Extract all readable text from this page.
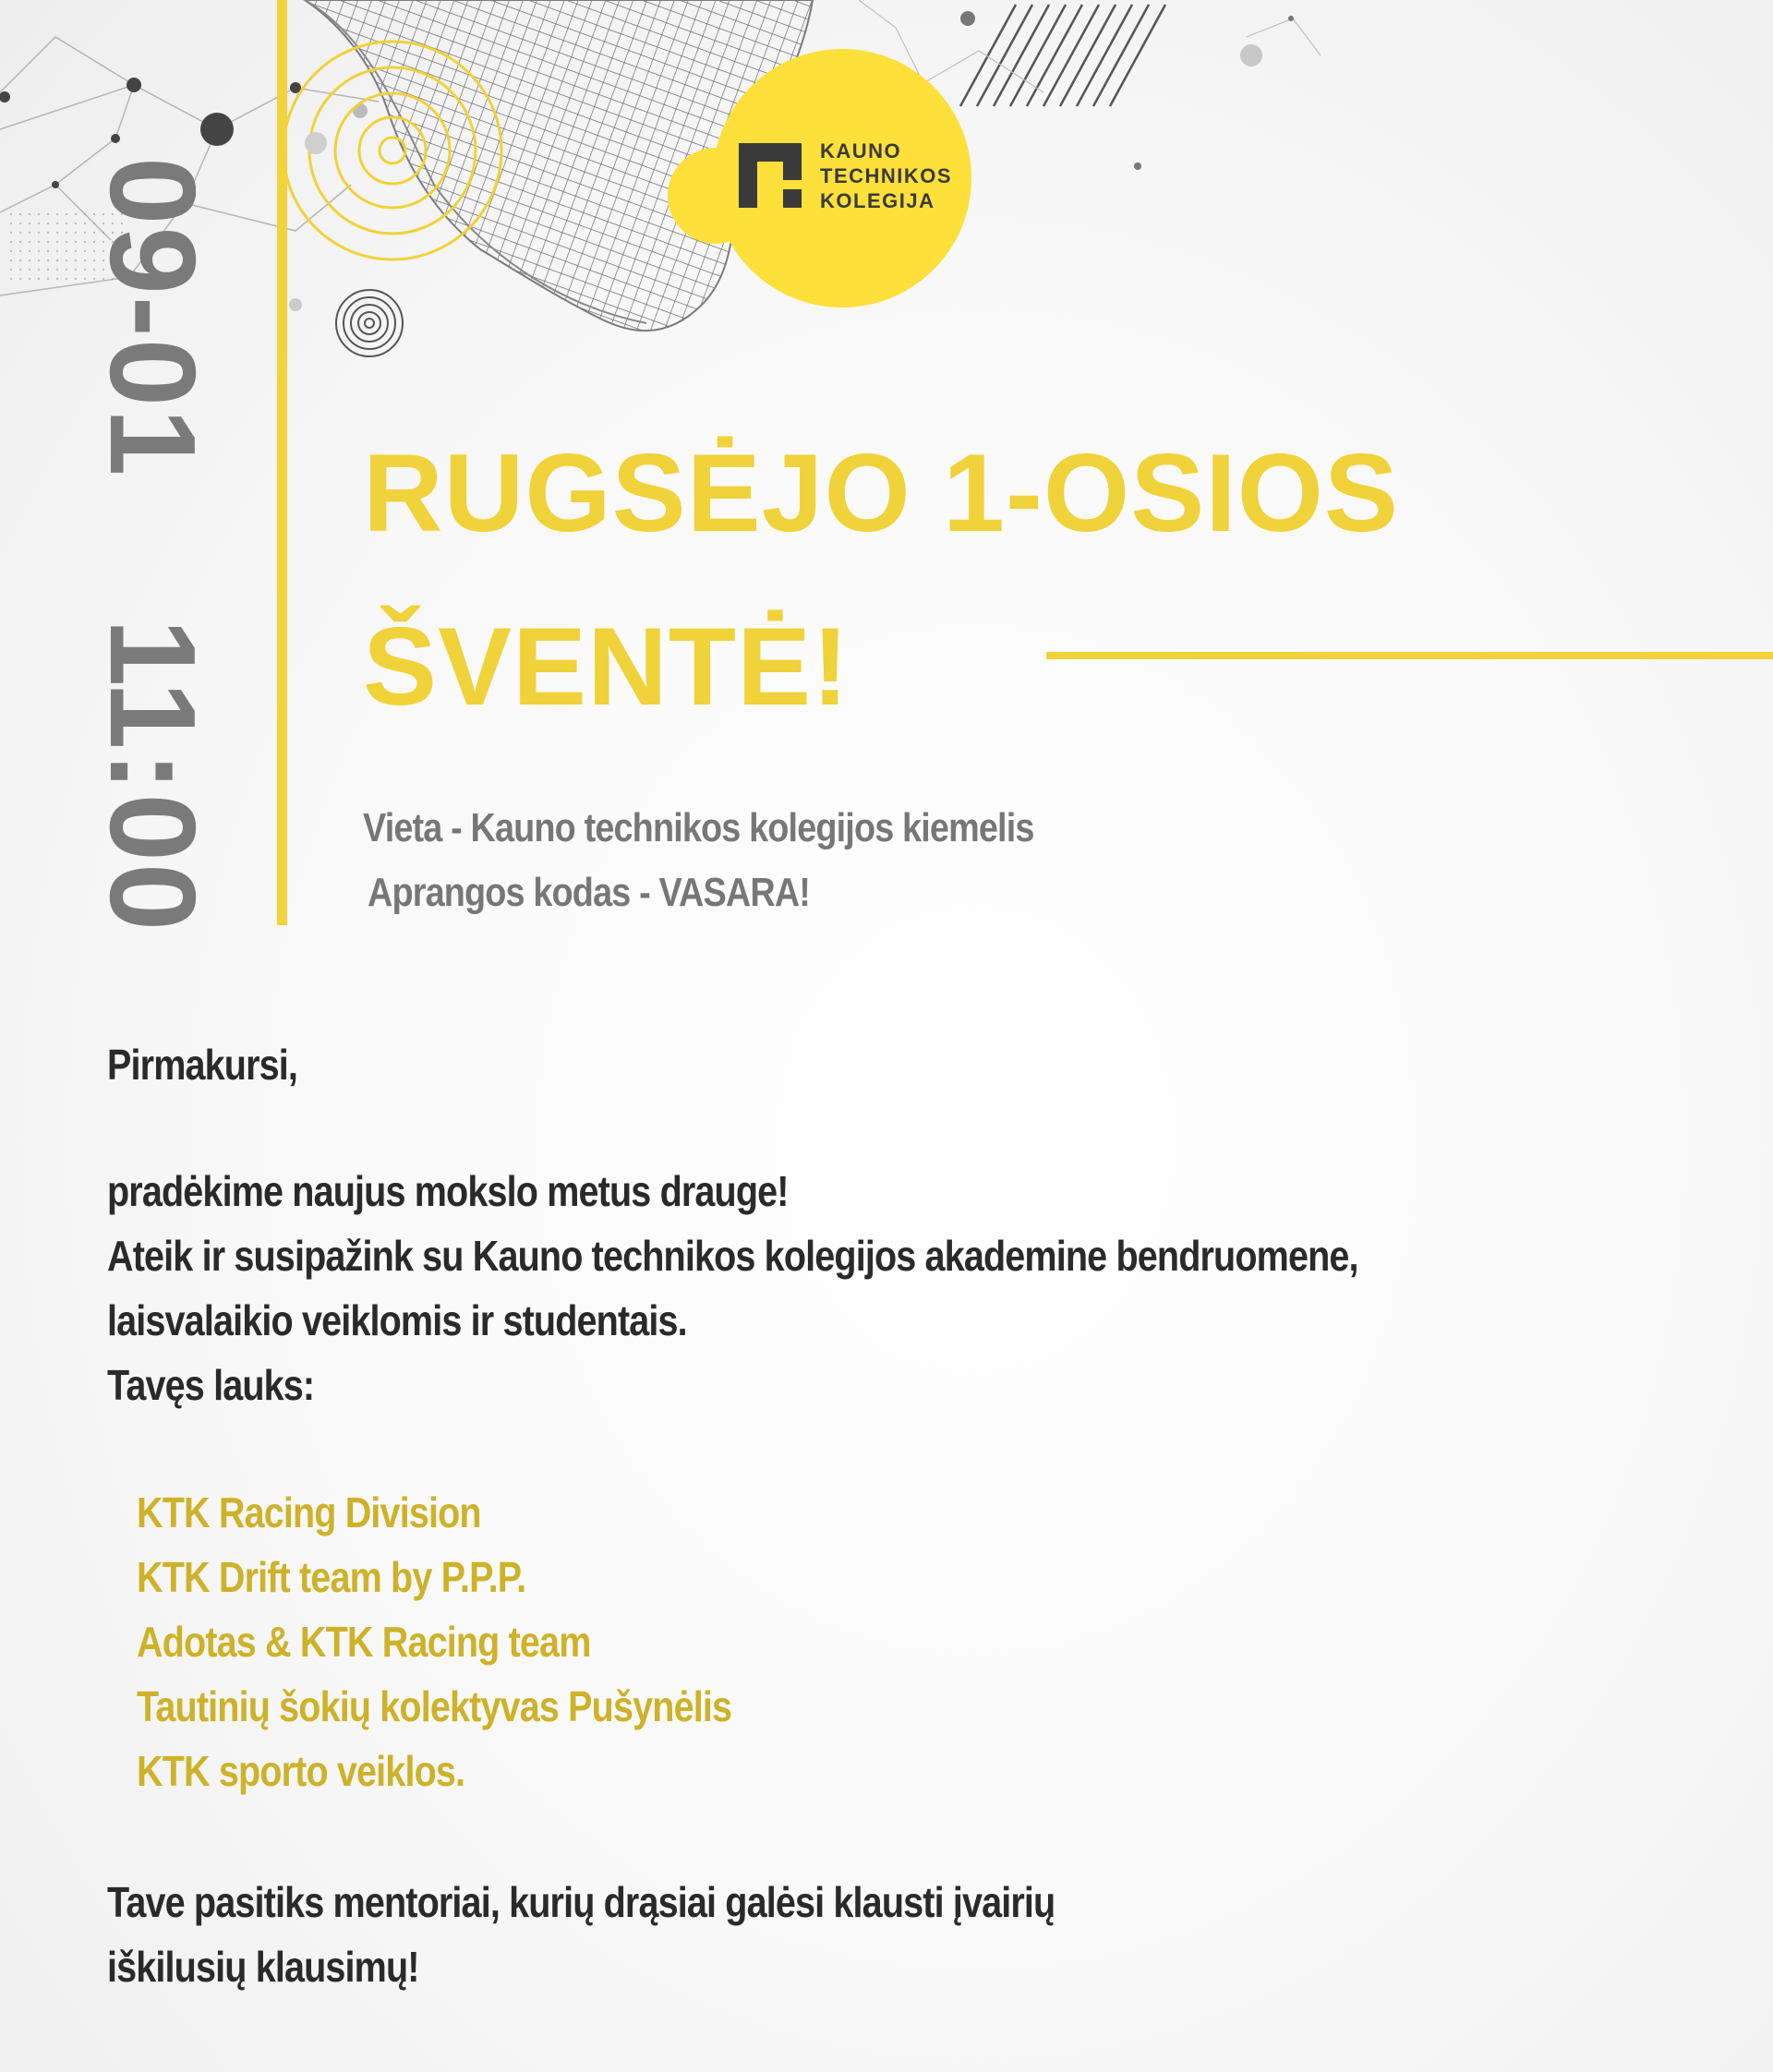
09-01
11:00
KAUNO
TECHNIKOS
KOLEGIJA
RUGSĖJO 1-OSIOS
ŠVENTĖ!
Vieta - Kauno technikos kolegijos kiemelis
Aprangos kodas - VASARA!
Pirmakursi,
pradėkime naujus mokslo metus drauge!
Ateik ir susipažink su Kauno technikos kolegijos akademine bendruomene,
laisvalaikio veiklomis ir studentais.
Tavęs lauks:
KTK Racing Division
KTK Drift team by P.P.P.
Adotas & KTK Racing team
Tautinių šokių kolektyvas Pušynėlis
KTK sporto veiklos.
Tave pasitiks mentoriai, kurių drąsiai galėsi klausti įvairių
iškilusių klausimų!
